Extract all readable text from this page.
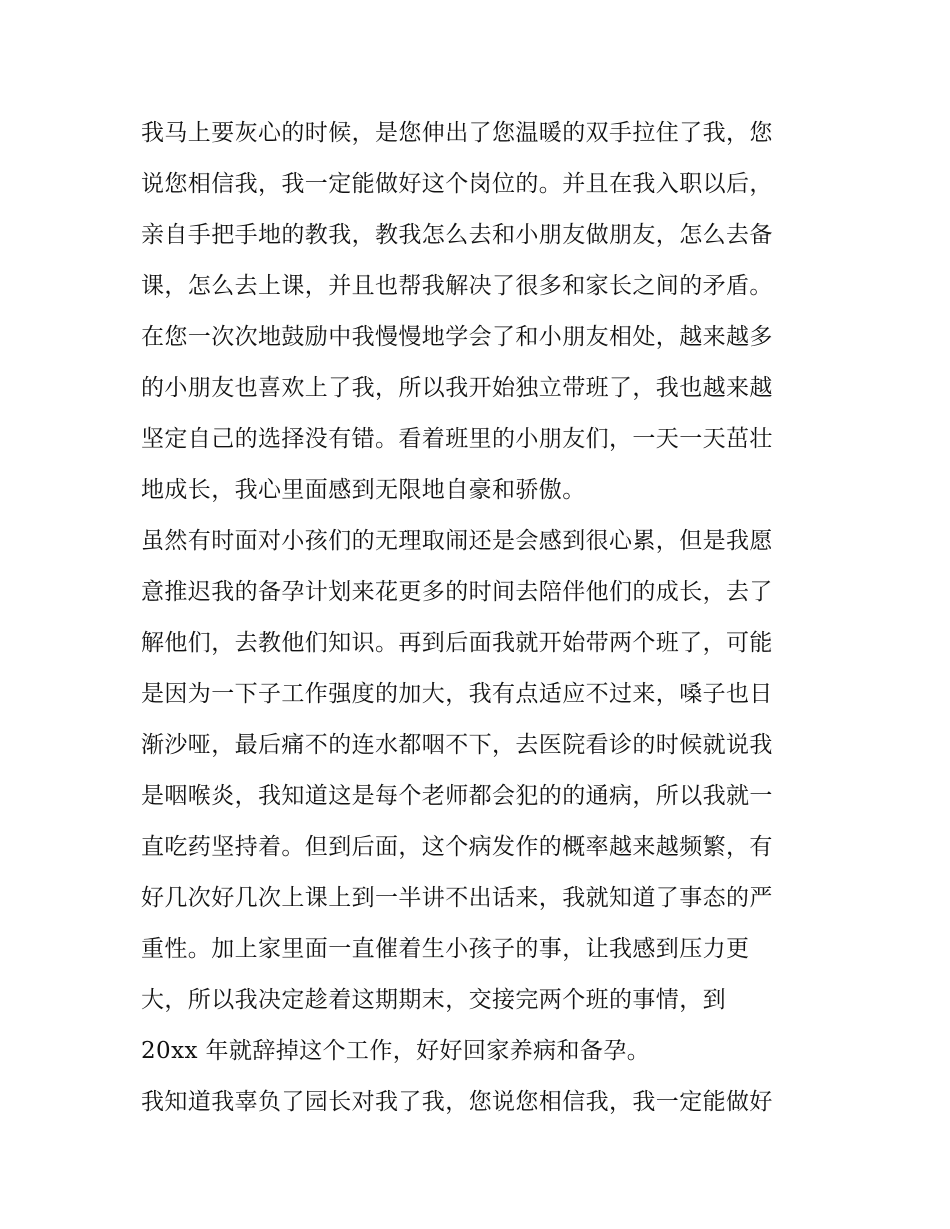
我马上要灰心的时候，是您伸出了您温暖的双手拉住了我，您
说您相信我，我一定能做好这个岗位的。并且在我入职以后，
亲自手把手地的教我，教我怎么去和小朋友做朋友，怎么去备
课，怎么去上课，并且也帮我解决了很多和家长之间的矛盾。
在您一次次地鼓励中我慢慢地学会了和小朋友相处，越来越多
的小朋友也喜欢上了我，所以我开始独立带班了，我也越来越
坚定自己的选择没有错。看着班里的小朋友们，一天一天茁壮
地成长，我心里面感到无限地自豪和骄傲。
虽然有时面对小孩们的无理取闹还是会感到很心累，但是我愿
意推迟我的备孕计划来花更多的时间去陪伴他们的成长，去了
解他们，去教他们知识。再到后面我就开始带两个班了，可能
是因为一下子工作强度的加大，我有点适应不过来，嗓子也日
渐沙哑，最后痛不的连水都咽不下，去医院看诊的时候就说我
是咽喉炎，我知道这是每个老师都会犯的的通病，所以我就一
直吃药坚持着。但到后面，这个病发作的概率越来越频繁，有
好几次好几次上课上到一半讲不出话来，我就知道了事态的严
重性。加上家里面一直催着生小孩子的事，让我感到压力更
大，所以我决定趁着这期期末，交接完两个班的事情，到
20xx 年就辞掉这个工作，好好回家养病和备孕。
我知道我辜负了园长对我了我，您说您相信我，我一定能做好
